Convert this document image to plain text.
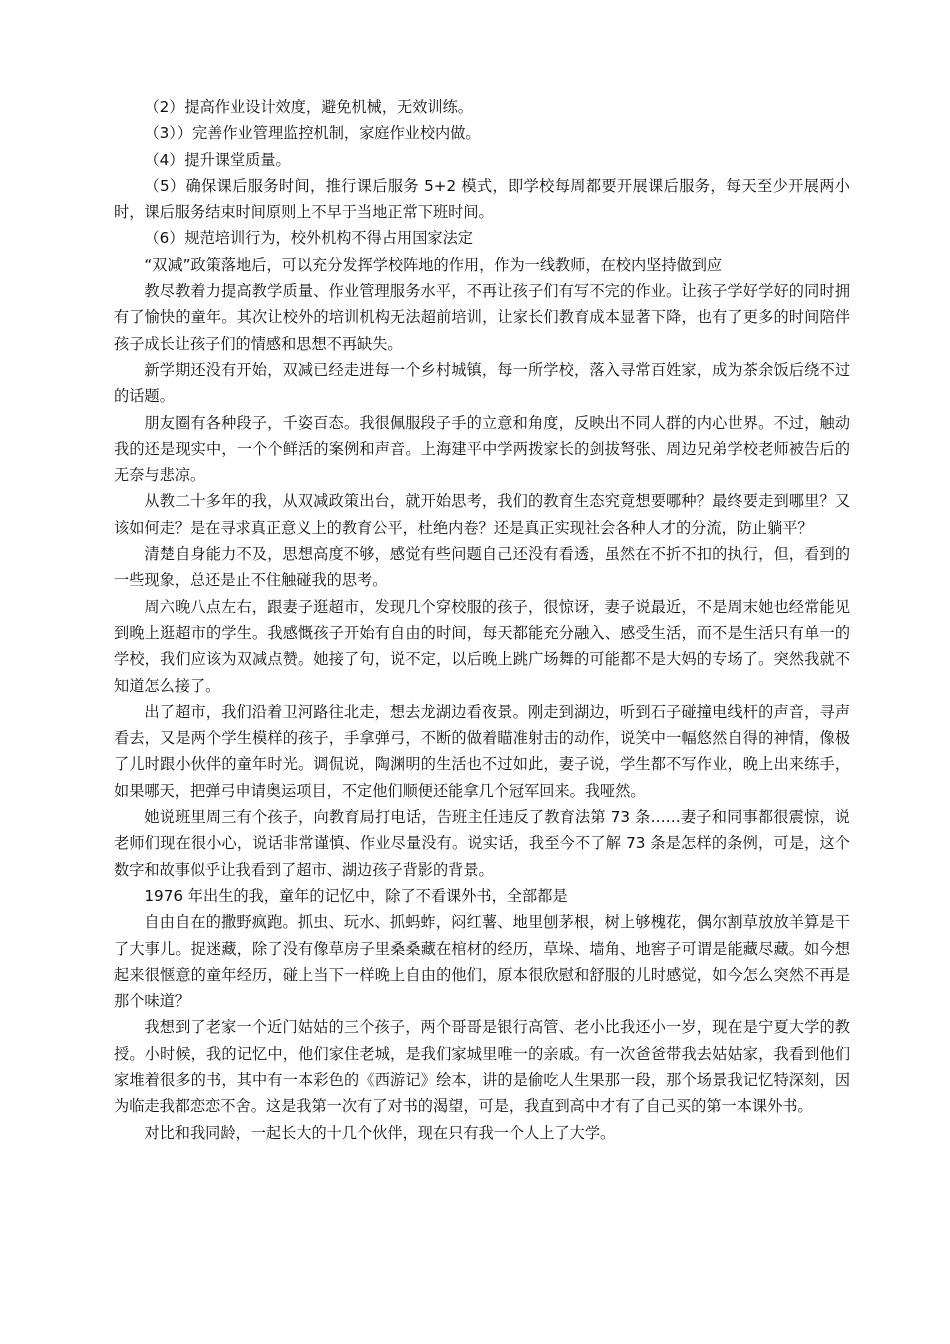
（2）提高作业设计效度，避免机械，无效训练。

（3））完善作业管理监控机制，家庭作业校内做。

（4）提升课堂质量。

（5）确保课后服务时间，推行课后服务 5+2 模式，即学校每周都要开展课后服务，每天至少开展两小时，课后服务结束时间原则上不早于当地正常下班时间。

（6）规范培训行为，校外机构不得占用国家法定

“双减”政策落地后，可以充分发挥学校阵地的作用，作为一线教师，在校内坚持做到应

教尽教着力提高教学质量、作业管理服务水平，不再让孩子们有写不完的作业。让孩子学好学好的同时拥有了愉快的童年。其次让校外的培训机构无法超前培训，让家长们教育成本显著下降，也有了更多的时间陪伴孩子成长让孩子们的情感和思想不再缺失。

新学期还没有开始，双减已经走进每一个乡村城镇，每一所学校，落入寻常百姓家，成为茶余饭后绕不过的话题。

朋友圈有各种段子，千姿百态。我很佩服段子手的立意和角度，反映出不同人群的内心世界。不过，触动我的还是现实中，一个个鲜活的案例和声音。上海建平中学两拨家长的剑拔弩张、周边兄弟学校老师被告后的无奈与悲凉。

从教二十多年的我，从双减政策出台，就开始思考，我们的教育生态究竟想要哪种？最终要走到哪里？又该如何走？是在寻求真正意义上的教育公平，杜绝内卷？还是真正实现社会各种人才的分流，防止躺平？

清楚自身能力不及，思想高度不够，感觉有些问题自己还没有看透，虽然在不折不扣的执行，但，看到的一些现象，总还是止不住触碰我的思考。

周六晚八点左右，跟妻子逛超市，发现几个穿校服的孩子，很惊讶，妻子说最近，不是周末她也经常能见到晚上逛超市的学生。我感慨孩子开始有自由的时间，每天都能充分融入、感受生活，而不是生活只有单一的学校，我们应该为双减点赞。她接了句，说不定，以后晚上跳广场舞的可能都不是大妈的专场了。突然我就不知道怎么接了。

出了超市，我们沿着卫河路往北走，想去龙湖边看夜景。刚走到湖边，听到石子碰撞电线杆的声音，寻声看去，又是两个学生模样的孩子，手拿弹弓，不断的做着瞄准射击的动作，说笑中一幅悠然自得的神情，像极了儿时跟小伙伴的童年时光。调侃说，陶渊明的生活也不过如此，妻子说，学生都不写作业，晚上出来练手，如果哪天，把弹弓申请奥运项目，不定他们顺便还能拿几个冠军回来。我哑然。

她说班里周三有个孩子，向教育局打电话，告班主任违反了教育法第 73 条……妻子和同事都很震惊，说老师们现在很小心，说话非常谨慎、作业尽量没有。说实话，我至今不了解 73 条是怎样的条例，可是，这个数字和故事似乎让我看到了超市、湖边孩子背影的背景。

1976 年出生的我，童年的记忆中，除了不看课外书，全部都是

自由自在的撒野疯跑。抓虫、玩水、抓蚂蚱，闷红薯、地里刨茅根，树上够槐花，偶尔割草放放羊算是干了大事儿。捉迷藏，除了没有像草房子里桑桑藏在棺材的经历，草垛、墙角、地窖子可谓是能藏尽藏。如今想起来很惬意的童年经历，碰上当下一样晚上自由的他们，原本很欣慰和舒服的儿时感觉，如今怎么突然不再是那个味道？

我想到了老家一个近门姑姑的三个孩子，两个哥哥是银行高管、老小比我还小一岁，现在是宁夏大学的教授。小时候，我的记忆中，他们家住老城，是我们家城里唯一的亲戚。有一次爸爸带我去姑姑家，我看到他们家堆着很多的书，其中有一本彩色的《西游记》绘本，讲的是偷吃人生果那一段，那个场景我记忆特深刻，因为临走我都恋恋不舍。这是我第一次有了对书的渴望，可是，我直到高中才有了自己买的第一本课外书。

对比和我同龄，一起长大的十几个伙伴，现在只有我一个人上了大学。
